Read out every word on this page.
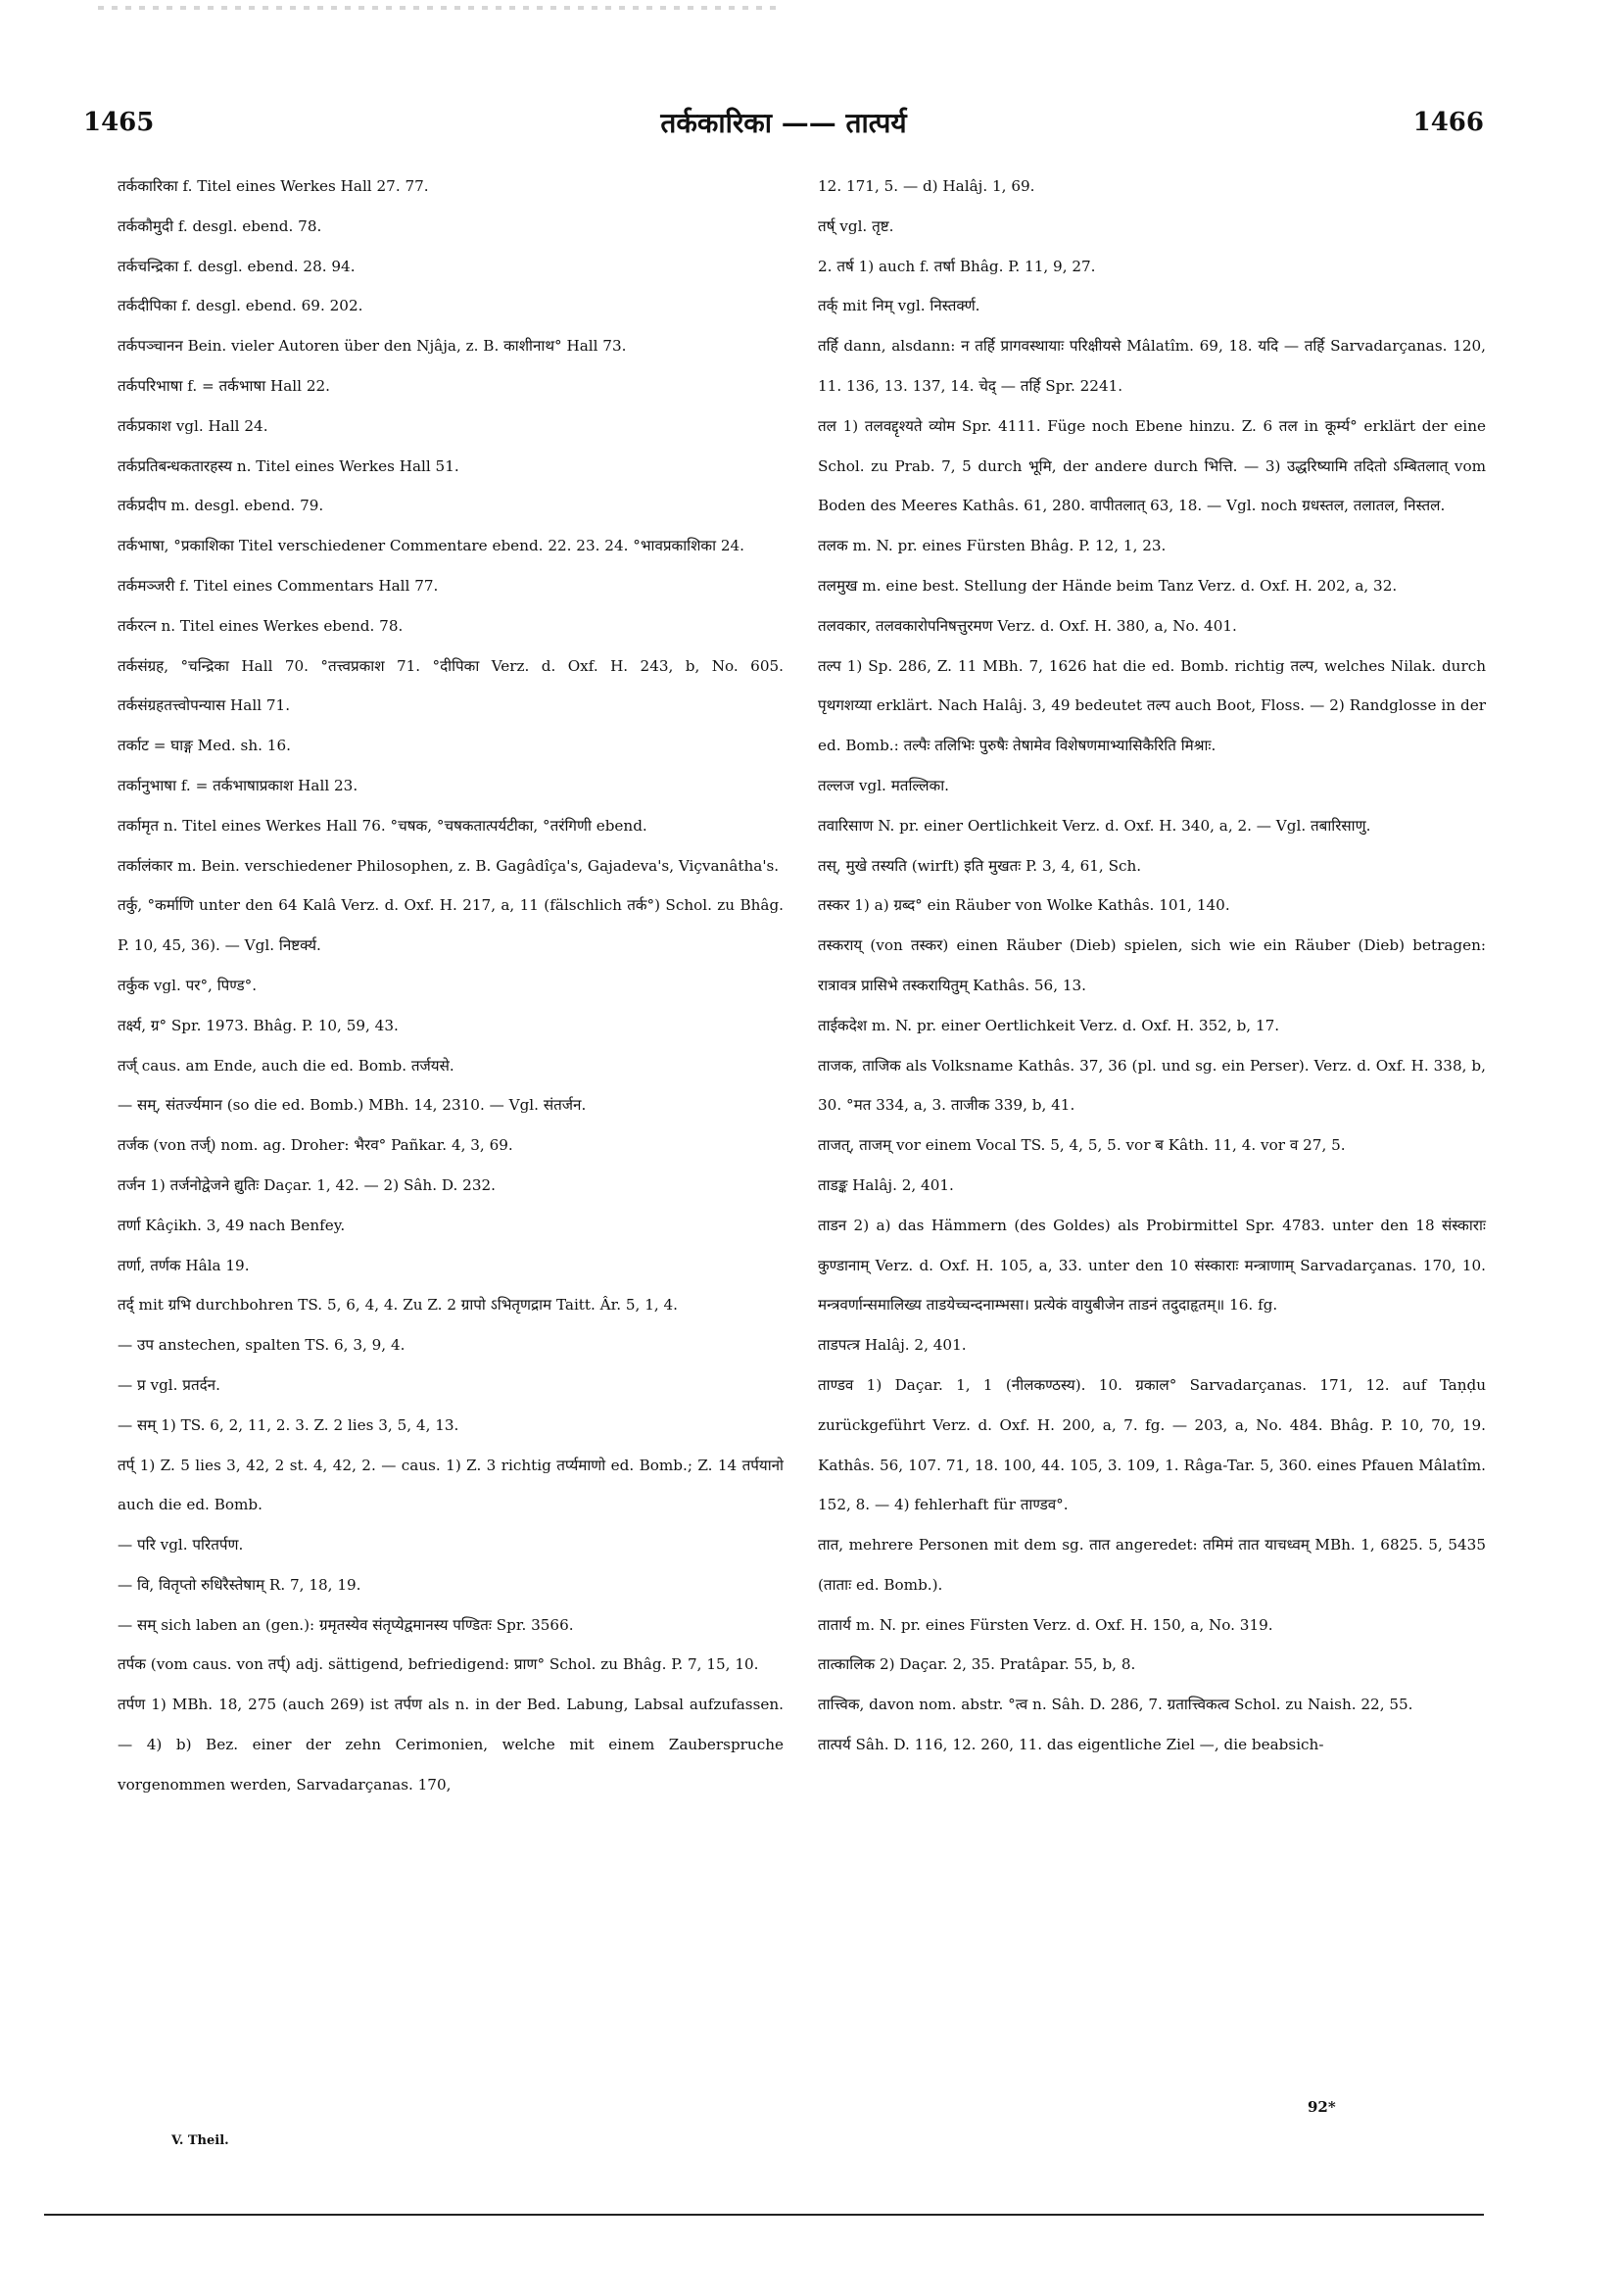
1465	तर्ककारिका —— तात्पर्य	1466

तर्ककारिका f. Titel eines Werkes Hall 27. 77.

तर्ककौमुदी f. desgl. ebend. 78.

तर्कचन्द्रिका f. desgl. ebend. 28. 94.

तर्कदीपिका f. desgl. ebend. 69. 202.

तर्कपञ्चानन Bein. vieler Autoren über den Njâja, z. B. काशीनाथ° Hall 73.

तर्कपरिभाषा f. = तर्कभाषा Hall 22.

तर्कप्रकाश vgl. Hall 24.

तर्कप्रतिबन्धकतारहस्य n. Titel eines Werkes Hall 51.

तर्कप्रदीप m. desgl. ebend. 79.

तर्कभाषा, °प्रकाशिका Titel verschiedener Commentare ebend. 22. 23. 24. °भावप्रकाशिका 24.

तर्कमञ्जरी f. Titel eines Commentars Hall 77.

तर्करत्न n. Titel eines Werkes ebend. 78.

तर्कसंग्रह, °चन्द्रिका Hall 70. °तत्त्वप्रकाश 71. °दीपिका Verz. d. Oxf. H. 243, b, No. 605. तर्कसंग्रहतत्त्वोपन्यास Hall 71.

तर्काट = घाङ्ग Med. sh. 16.

तर्कानुभाषा f. = तर्कभाषाप्रकाश Hall 23.

तर्कामृत n. Titel eines Werkes Hall 76. °चषक, °चषकतात्पर्यटीका, °तरंगिणी ebend.

तर्कालंकार m. Bein. verschiedener Philosophen, z. B. Gagâdîça's, Gajadeva's, Viçvanâtha's.

तर्कु, °कर्माणि unter den 64 Kalâ Verz. d. Oxf. H. 217, a, 11 (fälschlich तर्क°) Schol. zu Bhâg. P. 10, 45, 36). — Vgl. निष्टर्क्य.

तर्कुक vgl. पर°, पिण्ड°.

तर्क्ष्य, ग्र° Spr. 1973. Bhâg. P. 10, 59, 43.

तर्ज् caus. am Ende, auch die ed. Bomb. तर्जयसे.

— सम्, संतर्ज्यमान (so die ed. Bomb.) MBh. 14, 2310. — Vgl. संतर्जन.

तर्जक (von तर्ज्) nom. ag. Droher: भैरव° Pañkar. 4, 3, 69.

तर्जन 1) तर्जनोद्वेजने द्युतिः Daçar. 1, 42. — 2) Sâh. D. 232.

तर्णा Kâçikh. 3, 49 nach Benfey.

तर्णा, तर्णक Hâla 19.

तर्द् mit ग्रभि durchbohren TS. 5, 6, 4, 4. Zu Z. 2 ग्रापो ऽभितृणद्राम Taitt. Âr. 5, 1, 4.

— उप anstechen, spalten TS. 6, 3, 9, 4.

— प्र vgl. प्रतर्दन.

— सम् 1) TS. 6, 2, 11, 2. 3. Z. 2 lies 3, 5, 4, 13.

तर्प् 1) Z. 5 lies 3, 42, 2 st. 4, 42, 2. — caus. 1) Z. 3 richtig तर्प्यमाणो ed. Bomb.; Z. 14 तर्पयानो auch die ed. Bomb.

— परि vgl. परितर्पण.

— वि, वितृप्तो रुधिरैस्तेषाम् R. 7, 18, 19.

— सम् sich laben an (gen.): ग्रमृतस्येव संतृप्येद्वमानस्य पण्डितः Spr. 3566.

तर्पक (vom caus. von तर्प्) adj. sättigend, befriedigend: प्राण° Schol. zu Bhâg. P. 7, 15, 10.

तर्पण 1) MBh. 18, 275 (auch 269) ist तर्पण als n. in der Bed. Labung, Labsal aufzufassen. — 4) b) Bez. einer der zehn Cerimonien, welche mit einem Zauberspruche vorgenommen werden, Sarvadarçanas. 170,

12. 171, 5. — d) Halâj. 1, 69.

तर्ष् vgl. तृष्ट.

2. तर्ष 1) auch f. तर्षा Bhâg. P. 11, 9, 27.

तर्क् mit निम् vgl. निस्तर्क्ण.

तर्हि dann, alsdann: न तर्हि प्रागवस्थायाः परिक्षीयसे Mâlatîm. 69, 18. यदि — तर्हि Sarvadarçanas. 120, 11. 136, 13. 137, 14. चेद् — तर्हि Spr. 2241.

तल 1) तलवद्दृश्यते व्योम Spr. 4111. Füge noch Ebene hinzu. Z. 6 तल in कूर्म्य° erklärt der eine Schol. zu Prab. 7, 5 durch भूमि, der andere durch भित्ति. — 3) उद्धरिष्यामि तदितो ऽम्बितलात् vom Boden des Meeres Kathâs. 61, 280. वापीतलात् 63, 18. — Vgl. noch ग्रधस्तल, तलातल, निस्तल.

तलक m. N. pr. eines Fürsten Bhâg. P. 12, 1, 23.

तलमुख m. eine best. Stellung der Hände beim Tanz Verz. d. Oxf. H. 202, a, 32.

तलवकार, तलवकारोपनिषत्तुरमण Verz. d. Oxf. H. 380, a, No. 401.

तल्प 1) Sp. 286, Z. 11 MBh. 7, 1626 hat die ed. Bomb. richtig तल्प, welches Nilak. durch पृथगशय्या erklärt. Nach Halâj. 3, 49 bedeutet तल्प auch Boot, Floss. — 2) Randglosse in der ed. Bomb.: तल्पैः तलिभिः पुरुषैः तेषामेव विशेषणमाभ्यासिकैरिति मिश्राः.

तल्लज vgl. मतल्लिका.

तवारिसाण N. pr. einer Oertlichkeit Verz. d. Oxf. H. 340, a, 2. — Vgl. तबारिसाणु.

तस्, मुखे तस्यति (wirft) इति मुखतः P. 3, 4, 61, Sch.

तस्कर 1) a) ग्रब्द° ein Räuber von Wolke Kathâs. 101, 140.

तस्कराय् (von तस्कर) einen Räuber (Dieb) spielen, sich wie ein Räuber (Dieb) betragen: रात्रावत्र प्रासिभे तस्करायितुम् Kathâs. 56, 13.

ताईकदेश m. N. pr. einer Oertlichkeit Verz. d. Oxf. H. 352, b, 17.

ताजक, ताजिक als Volksname Kathâs. 37, 36 (pl. und sg. ein Perser). Verz. d. Oxf. H. 338, b, 30. °मत 334, a, 3. ताजीक 339, b, 41.

ताजत्, ताजम् vor einem Vocal TS. 5, 4, 5, 5. vor ब Kâth. 11, 4. vor व 27, 5.

ताडङ्क Halâj. 2, 401.

ताडन 2) a) das Hämmern (des Goldes) als Probirmittel Spr. 4783. unter den 18 संस्काराः कुण्डानाम् Verz. d. Oxf. H. 105, a, 33. unter den 10 संस्काराः मन्त्राणाम् Sarvadarçanas. 170, 10. मन्त्रवर्णान्समालिख्य ताडयेच्चन्दनाम्भसा। प्रत्येकं वायुबीजेन ताडनं तदुदाहृतम्॥ 16. fg.

ताडपत्त्र Halâj. 2, 401.

ताण्डव 1) Daçar. 1, 1 (नीलकण्ठस्य). 10. ग्रकाल° Sarvadarçanas. 171, 12. auf Taṇḍu zurückgeführt Verz. d. Oxf. H. 200, a, 7. fg. — 203, a, No. 484. Bhâg. P. 10, 70, 19. Kathâs. 56, 107. 71, 18. 100, 44. 105, 3. 109, 1. Râga-Tar. 5, 360. eines Pfauen Mâlatîm. 152, 8. — 4) fehlerhaft für ताण्डव°.

तात, mehrere Personen mit dem sg. तात angeredet: तमिमं तात याचध्वम् MBh. 1, 6825. 5, 5435 (ताताः ed. Bomb.).

तातार्य m. N. pr. eines Fürsten Verz. d. Oxf. H. 150, a, No. 319.

तात्कालिक 2) Daçar. 2, 35. Pratâpar. 55, b, 8.

तात्त्विक, davon nom. abstr. °त्व n. Sâh. D. 286, 7. ग्रतात्त्विकत्व Schol. zu Naish. 22, 55.

तात्पर्य Sâh. D. 116, 12. 260, 11. das eigentliche Ziel —, die beabsich-

V. Theil.
92*
